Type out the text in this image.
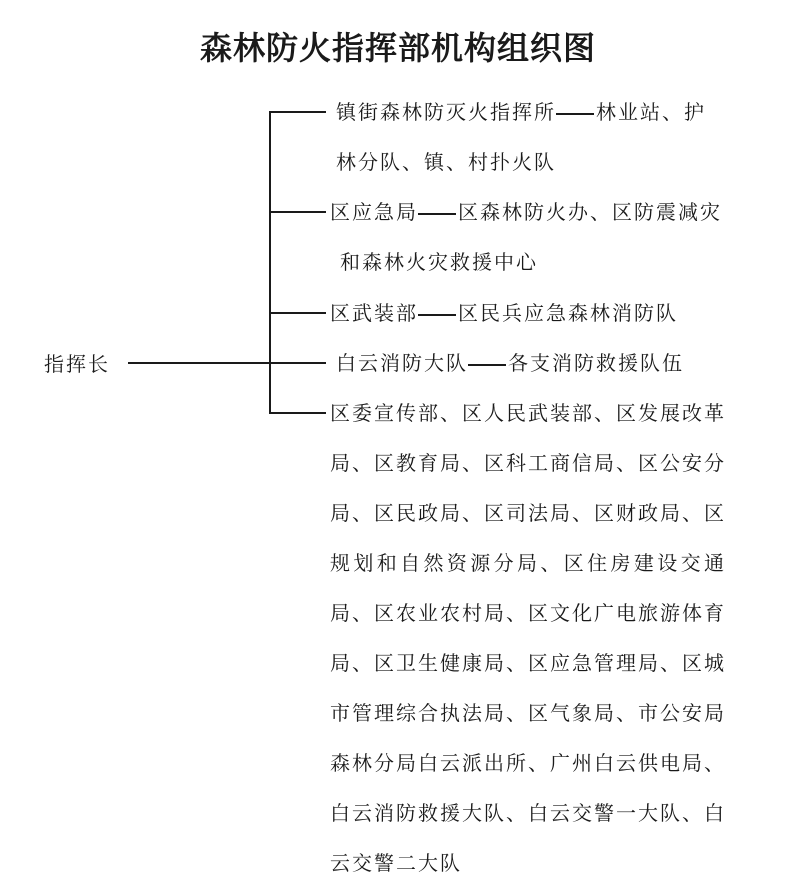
森林防火指挥部机构组织图
指挥长
镇街森林防灭火指挥所 林业站、护
林分队、镇、村扑火队
区应急局 区森林防火办、区防震减灾
和森林火灾救援中心
区武装部 区民兵应急森林消防队
白云消防大队 各支消防救援队伍
区委宣传部、区人民武装部、区发展改革局、区教育局、区科工商信局、区公安分局、区民政局、区司法局、区财政局、区规划和自然资源分局、区住房建设交通局、区农业农村局、区文化广电旅游体育局、区卫生健康局、区应急管理局、区城市管理综合执法局、区气象局、市公安局森林分局白云派出所、广州白云供电局、白云消防救援大队、白云交警一大队、白云交警二大队
